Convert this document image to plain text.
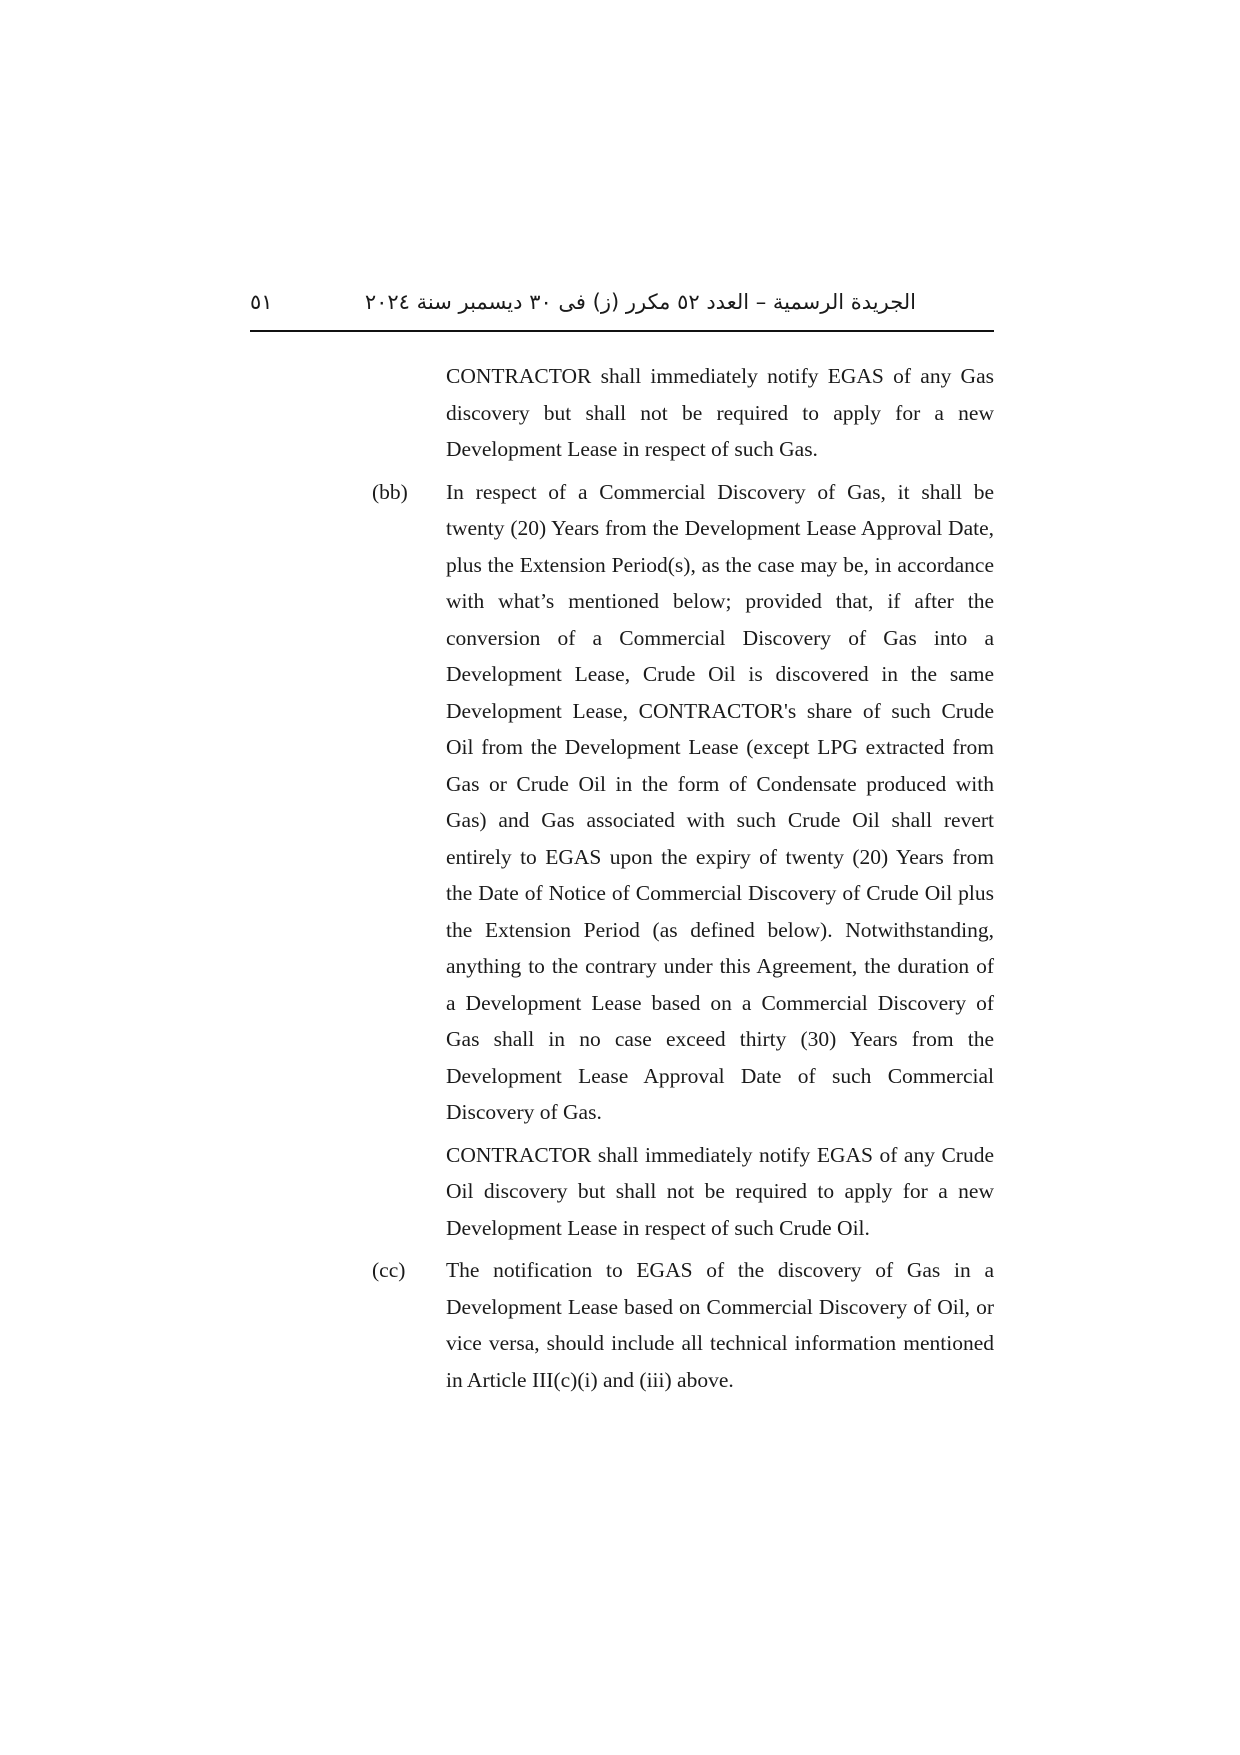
الجريدة الرسمية – العدد ٥٢ مكرر (ز) فى ٣٠ ديسمبر سنة ٢٠٢٤
٥١
CONTRACTOR shall immediately notify EGAS of any Gas discovery but shall not be required to apply for a new Development Lease in respect of such Gas.
(bb) In respect of a Commercial Discovery of Gas, it shall be twenty (20) Years from the Development Lease Approval Date, plus the Extension Period(s), as the case may be, in accordance with what’s mentioned below; provided that, if after the conversion of a Commercial Discovery of Gas into a Development Lease, Crude Oil is discovered in the same Development Lease, CONTRACTOR's share of such Crude Oil from the Development Lease (except LPG extracted from Gas or Crude Oil in the form of Condensate produced with Gas) and Gas associated with such Crude Oil shall revert entirely to EGAS upon the expiry of twenty (20) Years from the Date of Notice of Commercial Discovery of Crude Oil plus the Extension Period (as defined below). Notwithstanding, anything to the contrary under this Agreement, the duration of a Development Lease based on a Commercial Discovery of Gas shall in no case exceed thirty (30) Years from the Development Lease Approval Date of such Commercial Discovery of Gas.
CONTRACTOR shall immediately notify EGAS of any Crude Oil discovery but shall not be required to apply for a new Development Lease in respect of such Crude Oil.
(cc) The notification to EGAS of the discovery of Gas in a Development Lease based on Commercial Discovery of Oil, or vice versa, should include all technical information mentioned in Article III(c)(i) and (iii) above.
